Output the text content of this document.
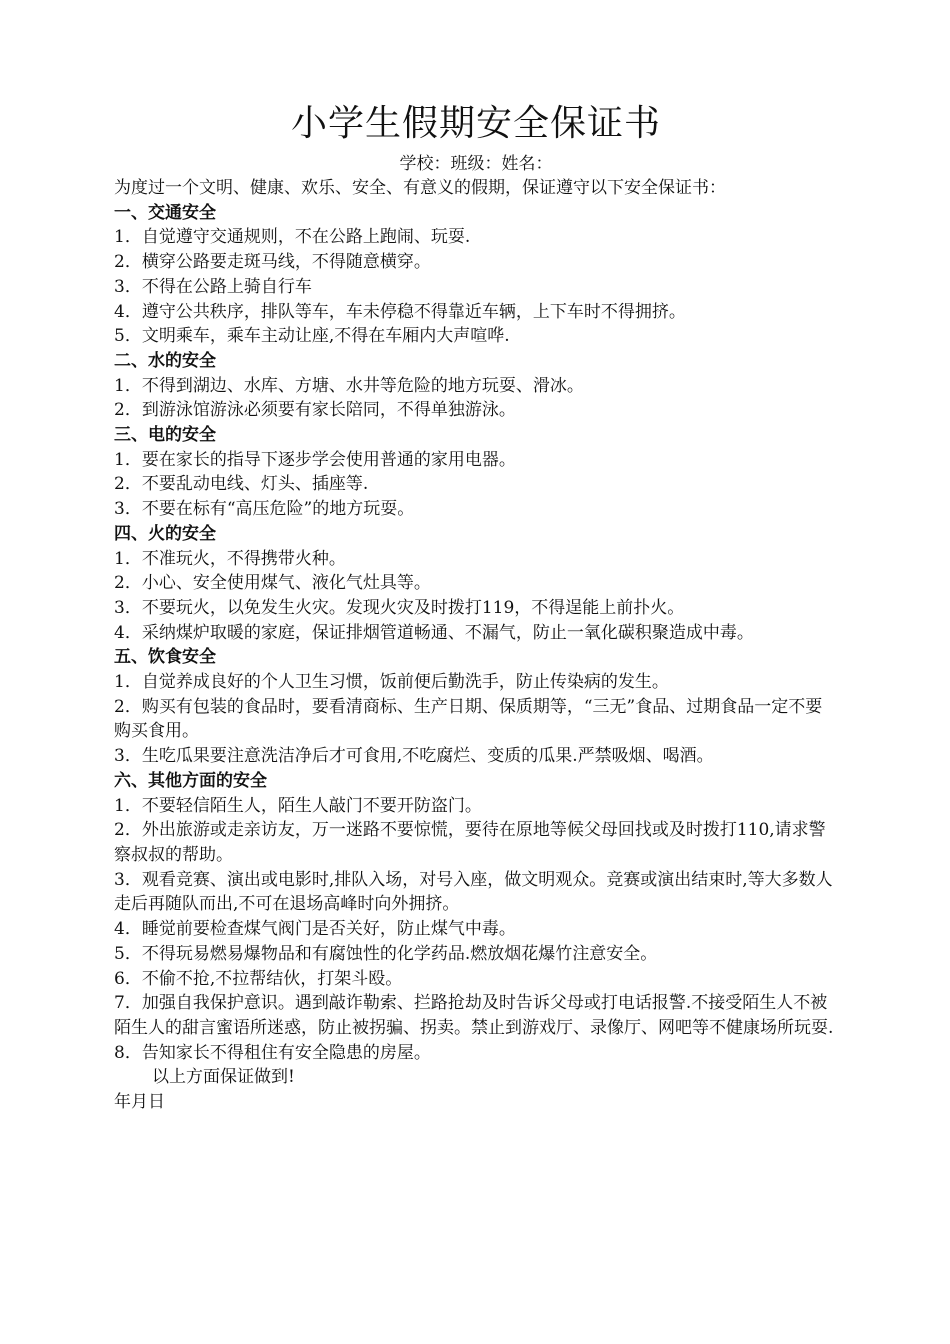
小学生假期安全保证书

学校：班级：姓名：

为度过一个文明、健康、欢乐、安全、有意义的假期，保证遵守以下安全保证书：

一、交通安全

1．自觉遵守交通规则，不在公路上跑闹、玩耍.

2．横穿公路要走斑马线，不得随意横穿。

3．不得在公路上骑自行车

4．遵守公共秩序，排队等车，车未停稳不得靠近车辆，上下车时不得拥挤。

5．文明乘车，乘车主动让座,不得在车厢内大声喧哗.

二、水的安全

1．不得到湖边、水库、方塘、水井等危险的地方玩耍、滑冰。

2．到游泳馆游泳必须要有家长陪同，不得单独游泳。

三、电的安全

1．要在家长的指导下逐步学会使用普通的家用电器。

2．不要乱动电线、灯头、插座等.

3．不要在标有“高压危险”的地方玩耍。

四、火的安全

1．不准玩火，不得携带火种。

2．小心、安全使用煤气、液化气灶具等。

3．不要玩火，以免发生火灾。发现火灾及时拨打119，不得逞能上前扑火。

4．采纳煤炉取暖的家庭，保证排烟管道畅通、不漏气，防止一氧化碳积聚造成中毒。

五、饮食安全

1．自觉养成良好的个人卫生习惯，饭前便后勤洗手，防止传染病的发生。

2．购买有包装的食品时，要看清商标、生产日期、保质期等，“三无”食品、过期食品一定不要购买食用。

3．生吃瓜果要注意洗洁净后才可食用,不吃腐烂、变质的瓜果.严禁吸烟、喝酒。

六、其他方面的安全

1．不要轻信陌生人，陌生人敲门不要开防盗门。

2．外出旅游或走亲访友，万一迷路不要惊慌，要待在原地等候父母回找或及时拨打110,请求警察叔叔的帮助。

3．观看竞赛、演出或电影时,排队入场，对号入座，做文明观众。竞赛或演出结束时,等大多数人走后再随队而出,不可在退场高峰时向外拥挤。

4．睡觉前要检查煤气阀门是否关好，防止煤气中毒。

5．不得玩易燃易爆物品和有腐蚀性的化学药品.燃放烟花爆竹注意安全。

6．不偷不抢,不拉帮结伙，打架斗殴。

7．加强自我保护意识。遇到敲诈勒索、拦路抢劫及时告诉父母或打电话报警.不接受陌生人不被陌生人的甜言蜜语所迷惑，防止被拐骗、拐卖。禁止到游戏厅、录像厅、网吧等不健康场所玩耍.

8．告知家长不得租住有安全隐患的房屋。

以上方面保证做到!

年月日
